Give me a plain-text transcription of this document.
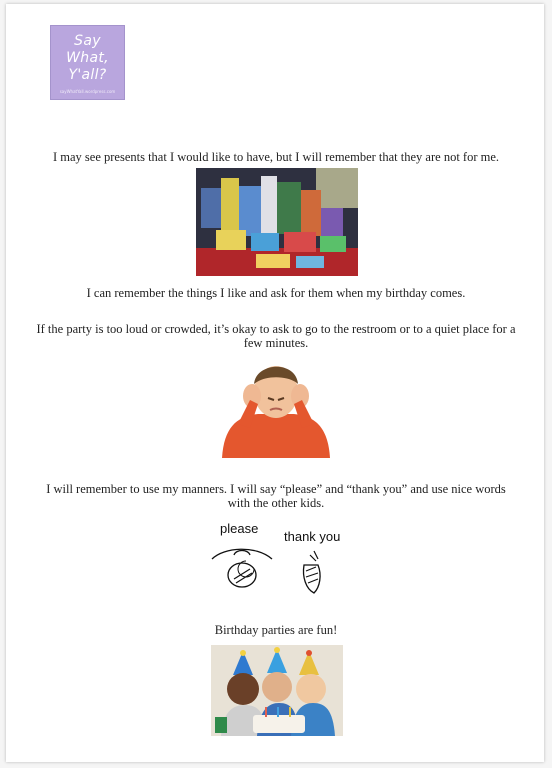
Say What,
Y'all?
sayWhatYall.wordpress.com
I may see presents that I would like to have, but I will remember that they are not for me.
I can remember the things I like and ask for them when my birthday comes.
If the party is too loud or crowded, it’s okay to ask to go to the restroom or to a quiet place for a few minutes.
I will remember to use my manners. I will say “please” and “thank you” and use nice words with the other kids.
please
thank you
Birthday parties are fun!
